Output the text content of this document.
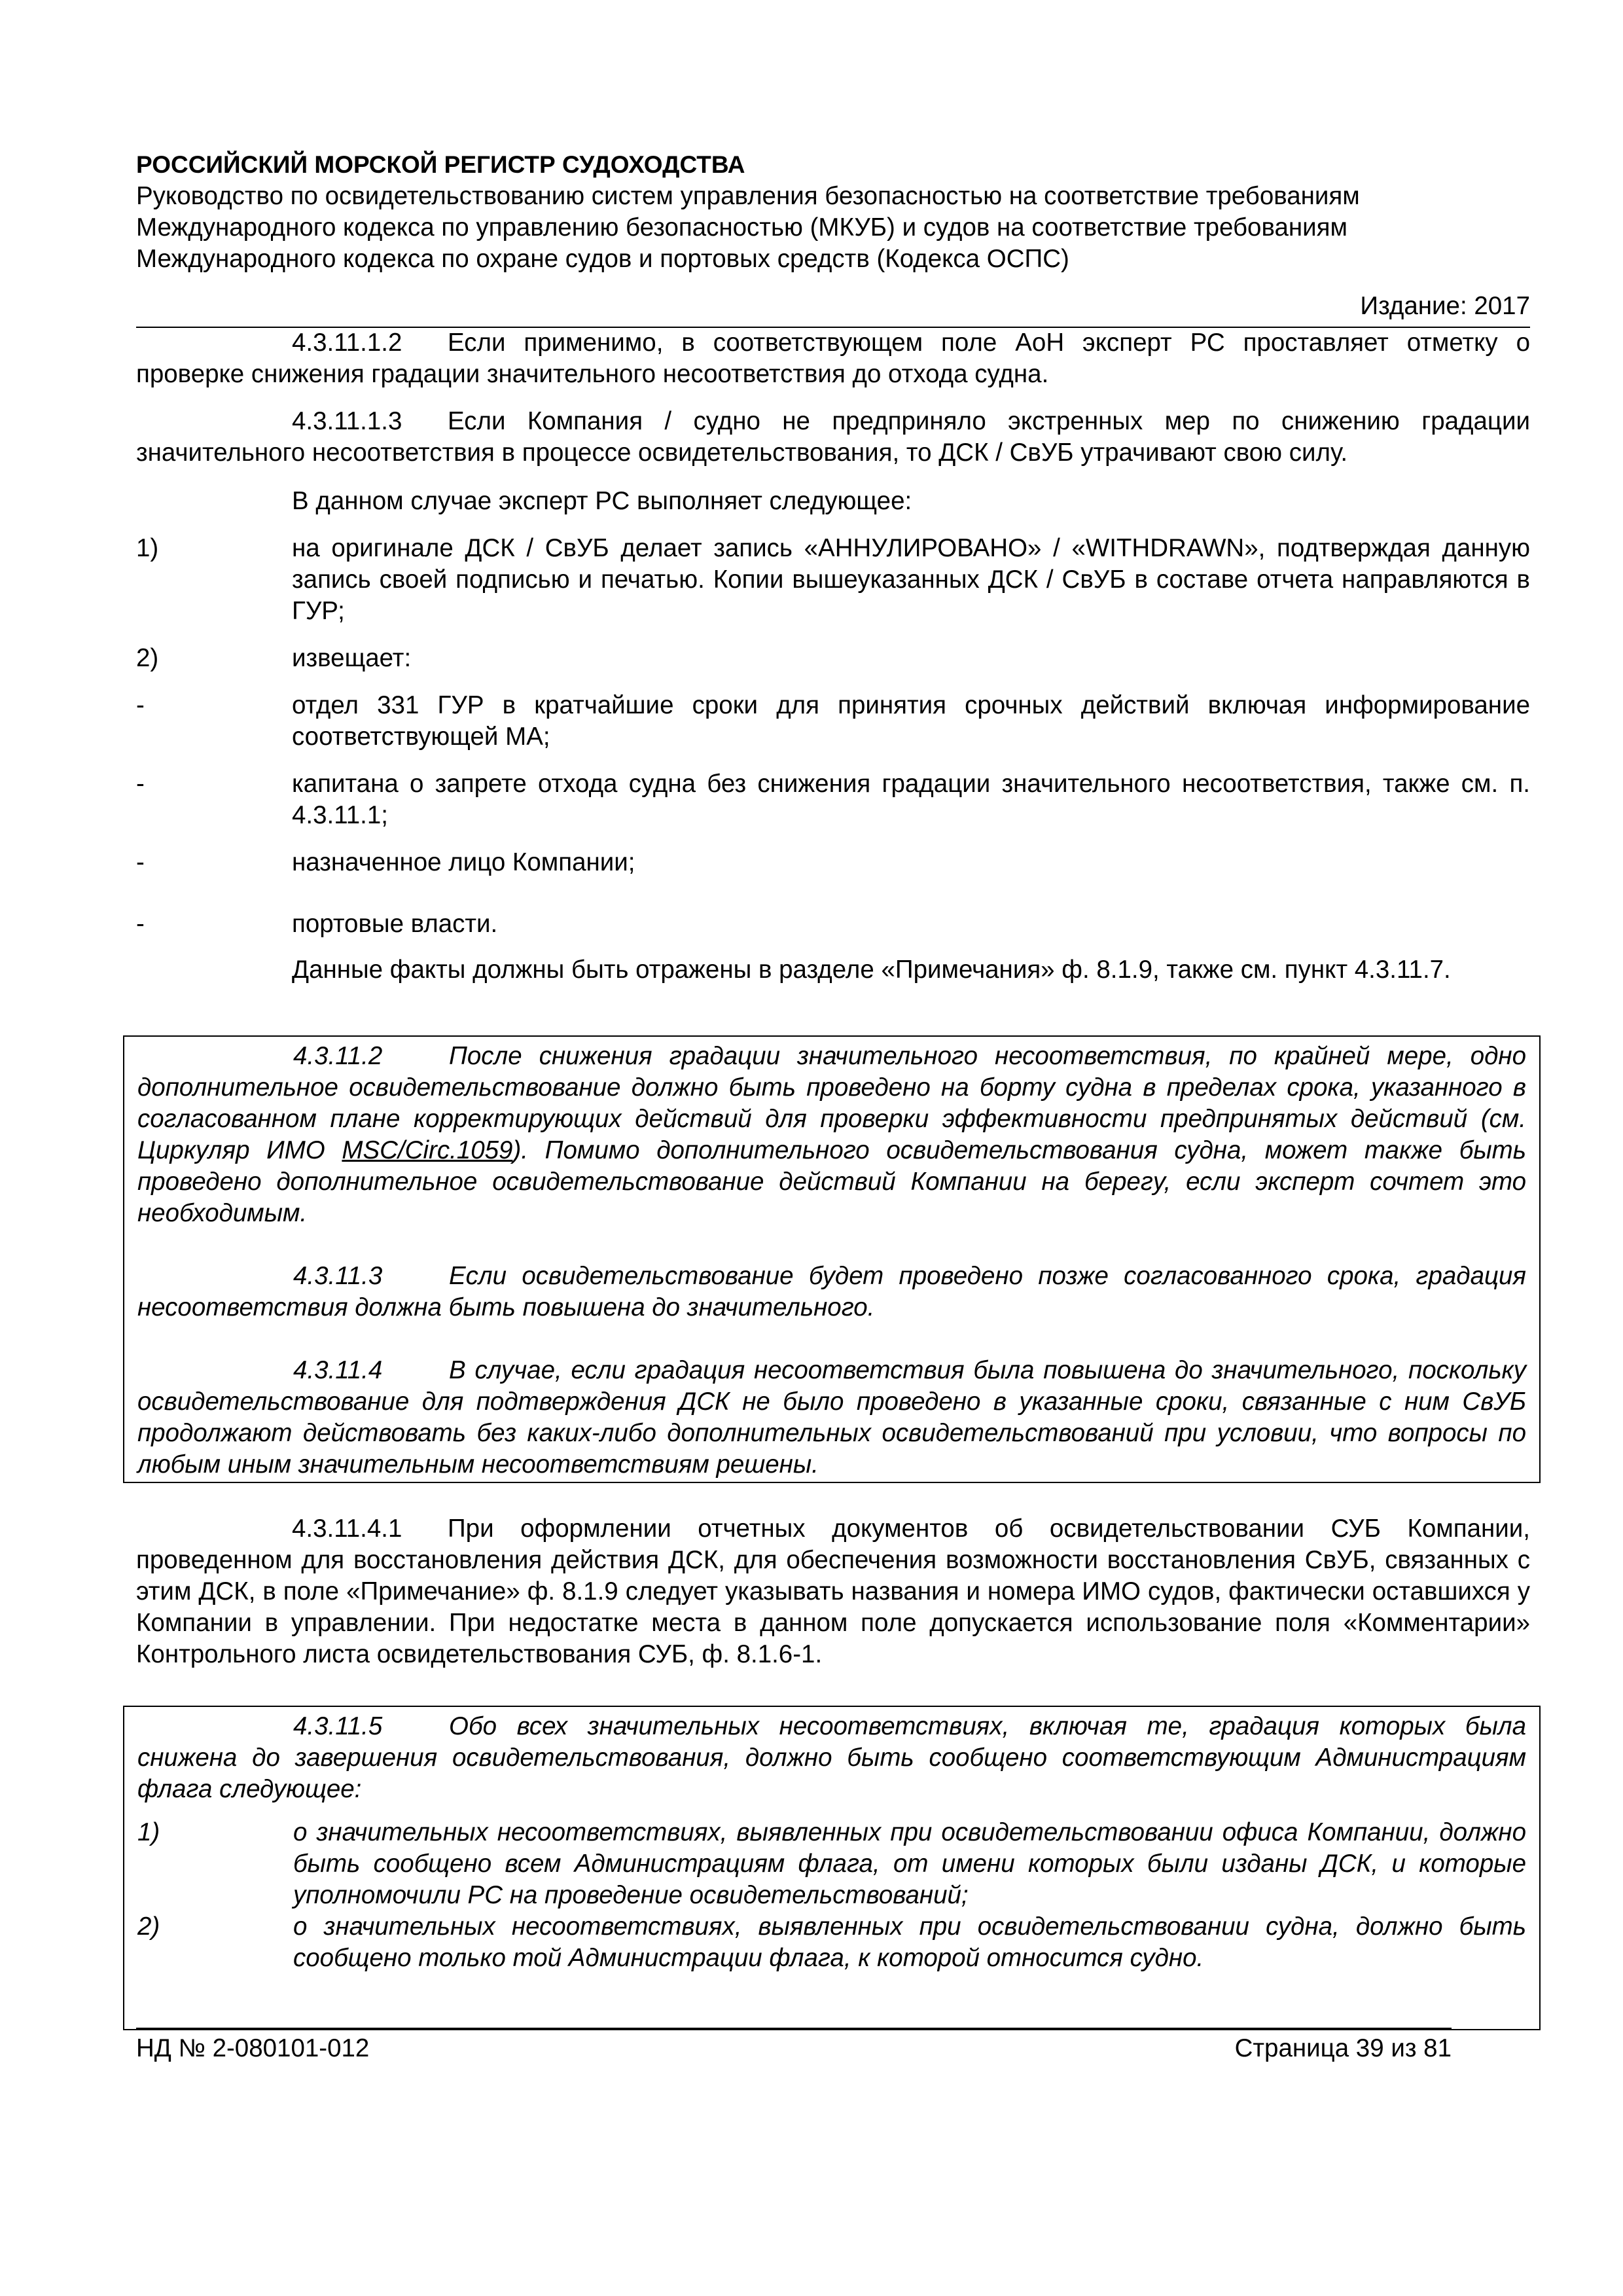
РОССИЙСКИЙ МОРСКОЙ РЕГИСТР СУДОХОДСТВА

Руководство по освидетельствованию систем управления безопасностью на соответствие требованиям

Международного кодекса по управлению безопасностью (МКУБ) и судов на соответствие требованиям

Международного кодекса по охране судов и портовых средств (Кодекса ОСПС)

Издание: 2017

4.3.11.1.2 Если применимо, в соответствующем поле AoH эксперт РС проставляет отметку о проверке снижения градации значительного несоответствия до отхода судна.

4.3.11.1.3 Если Компания / судно не предприняло экстренных мер по снижению градации значительного несоответствия в процессе освидетельствования, то ДСК / СвУБ утрачивают свою силу.

В данном случае эксперт РС выполняет следующее:

1)	на оригинале ДСК / СвУБ делает запись «АННУЛИРОВАНО» / «WITHDRAWN», подтверждая данную запись своей подписью и печатью. Копии вышеуказанных ДСК / СвУБ в составе отчета направляются в ГУР;
2)	извещает:
-	отдел 331 ГУР в кратчайшие сроки для принятия срочных действий включая информирование соответствующей МА;
-	капитана о запрете отхода судна без снижения градации значительного несоответствия, также см. п. 4.3.11.1;
-	назначенное лицо Компании;
-	портовые власти.

Данные факты должны быть отражены в разделе «Примечания» ф. 8.1.9, также см. пункт 4.3.11.7.

4.3.11.2	После снижения градации значительного несоответствия, по крайней мере, одно дополнительное освидетельствование должно быть проведено на борту судна в пределах срока, указанного в согласованном плане корректирующих действий для проверки эффективности предпринятых действий (см. Циркуляр ИМО MSC/Circ.1059). Помимо дополнительного освидетельствования судна, может также быть проведено дополнительное освидетельствование действий Компании на берегу, если эксперт сочтет это необходимым.

4.3.11.3	Если освидетельствование будет проведено позже согласованного срока, градация несоответствия должна быть повышена до значительного.

4.3.11.4	В случае, если градация несоответствия была повышена до значительного, поскольку освидетельствование для подтверждения ДСК не было проведено в указанные сроки, связанные с ним СвУБ продолжают действовать без каких-либо дополнительных освидетельствований при условии, что вопросы по любым иным значительным несоответствиям решены.

4.3.11.4.1 При оформлении отчетных документов об освидетельствовании СУБ Компании, проведенном для восстановления действия ДСК, для обеспечения возможности восстановления СвУБ, связанных с этим ДСК, в поле «Примечание» ф. 8.1.9 следует указывать названия и номера ИМО судов, фактически оставшихся у Компании в управлении. При недостатке места в данном поле допускается использование поля «Комментарии» Контрольного листа освидетельствования СУБ, ф. 8.1.6-1.

4.3.11.5	Обо всех значительных несоответствиях, включая те, градация которых была снижена до завершения освидетельствования, должно быть сообщено соответствующим Администрациям флага следующее:

1)	о значительных несоответствиях, выявленных при освидетельствовании офиса Компании, должно быть сообщено всем Администрациям флага, от имени которых были изданы ДСК, и которые уполномочили РС на проведение освидетельствований;

2)	о значительных несоответствиях, выявленных при освидетельствовании судна, должно быть сообщено только той Администрации флага, к которой относится судно.

НД № 2-080101-012	Страница 39 из 81
